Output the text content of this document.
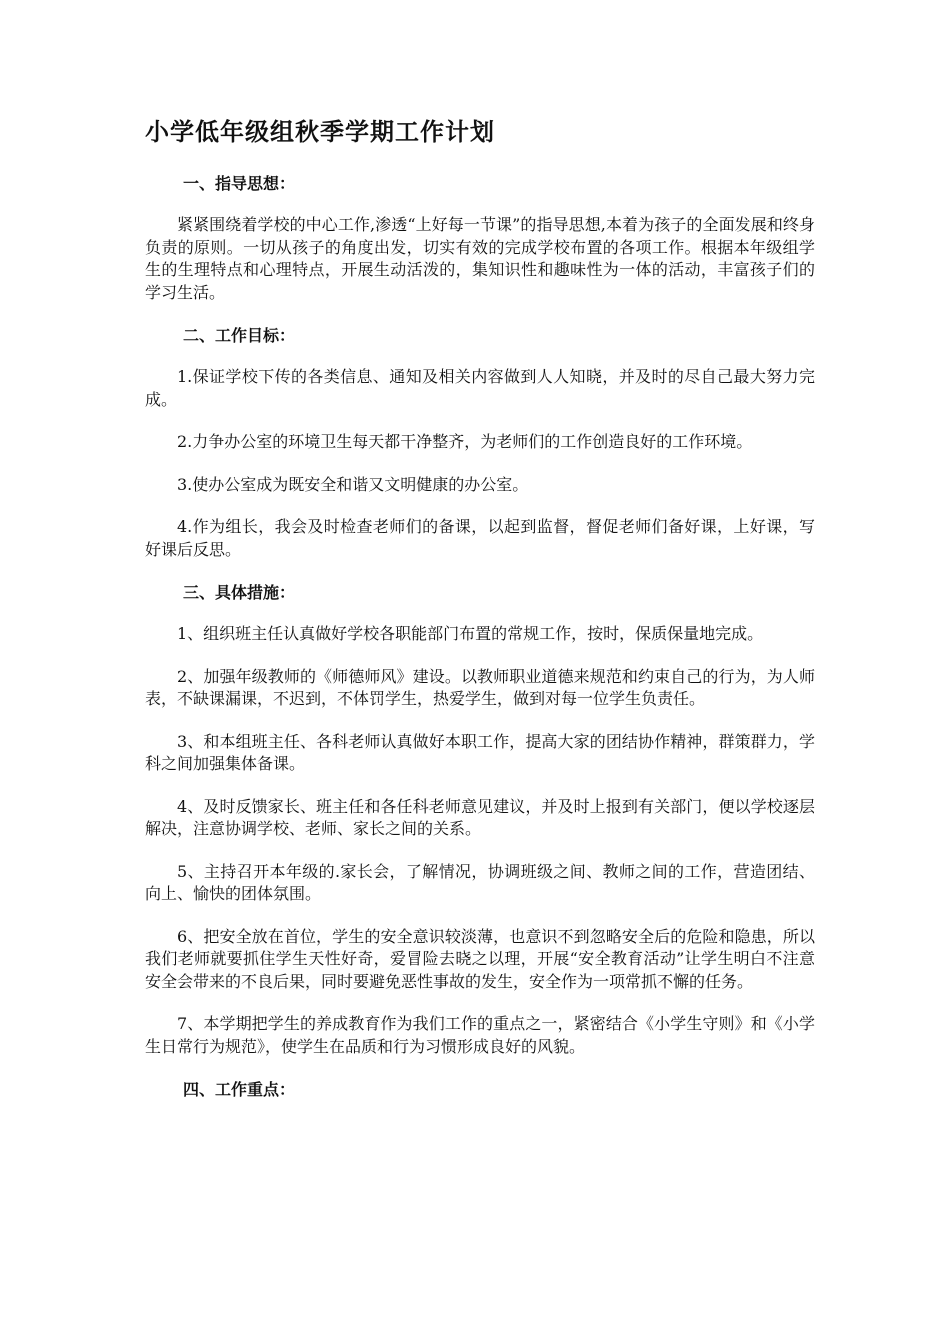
小学低年级组秋季学期工作计划
一、指导思想：

紧紧围绕着学校的中心工作,渗透“上好每一节课”的指导思想,本着为孩子的全面发展和终身负责的原则。一切从孩子的角度出发，切实有效的完成学校布置的各项工作。根据本年级组学生的生理特点和心理特点，开展生动活泼的，集知识性和趣味性为一体的活动，丰富孩子们的学习生活。

二、工作目标：

1.保证学校下传的各类信息、通知及相关内容做到人人知晓，并及时的尽自己最大努力完成。

2.力争办公室的环境卫生每天都干净整齐，为老师们的工作创造良好的工作环境。

3.使办公室成为既安全和谐又文明健康的办公室。

4.作为组长，我会及时检查老师们的备课，以起到监督，督促老师们备好课，上好课，写好课后反思。

三、具体措施：

1、组织班主任认真做好学校各职能部门布置的常规工作，按时，保质保量地完成。

2、加强年级教师的《师德师风》建设。以教师职业道德来规范和约束自己的行为，为人师表，不缺课漏课，不迟到，不体罚学生，热爱学生，做到对每一位学生负责任。

3、和本组班主任、各科老师认真做好本职工作，提高大家的团结协作精神，群策群力，学科之间加强集体备课。

4、及时反馈家长、班主任和各任科老师意见建议，并及时上报到有关部门，便以学校逐层解决，注意协调学校、老师、家长之间的关系。

5、主持召开本年级的.家长会，了解情况，协调班级之间、教师之间的工作，营造团结、向上、愉快的团体氛围。

6、把安全放在首位，学生的安全意识较淡薄，也意识不到忽略安全后的危险和隐患，所以我们老师就要抓住学生天性好奇，爱冒险去晓之以理，开展“安全教育活动”让学生明白不注意安全会带来的不良后果，同时要避免恶性事故的发生，安全作为一项常抓不懈的任务。

7、本学期把学生的养成教育作为我们工作的重点之一，紧密结合《小学生守则》和《小学生日常行为规范》，使学生在品质和行为习惯形成良好的风貌。

四、工作重点：
